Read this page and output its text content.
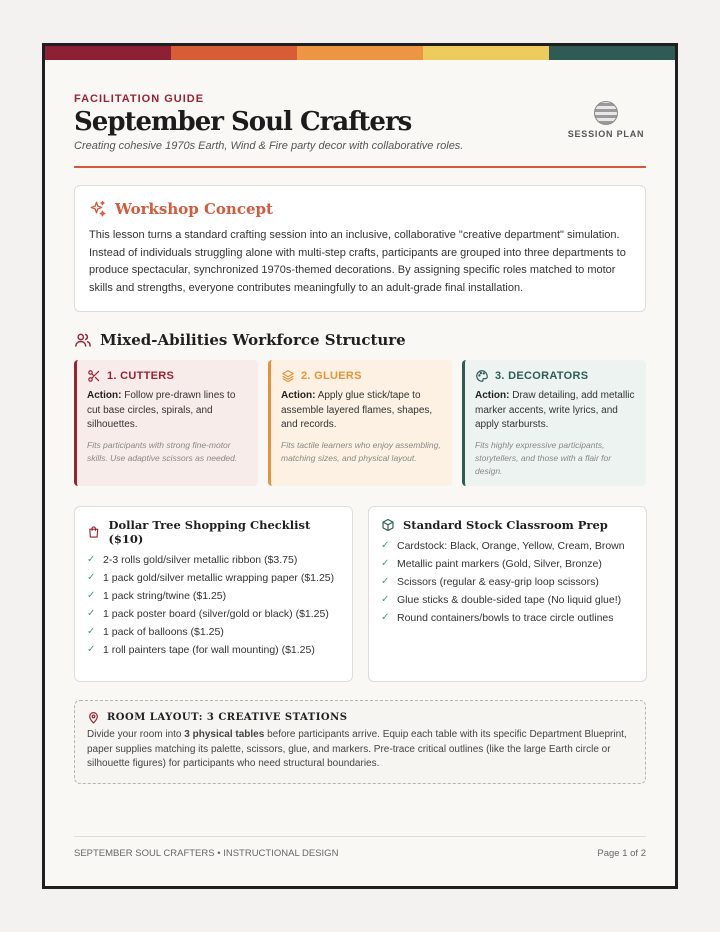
FACILITATION GUIDE
September Soul Crafters
Creating cohesive 1970s Earth, Wind & Fire party decor with collaborative roles.
SESSION PLAN
Workshop Concept

This lesson turns a standard crafting session into an inclusive, collaborative "creative department" simulation. Instead of individuals struggling alone with multi-step crafts, participants are grouped into three departments to produce spectacular, synchronized 1970s-themed decorations. By assigning specific roles matched to motor skills and strengths, everyone contributes meaningfully to an adult-grade final installation.

Mixed-Abilities Workforce Structure
1. CUTTERS
Action: Follow pre-drawn lines to cut base circles, spirals, and silhouettes.
Fits participants with strong fine-motor skills. Use adaptive scissors as needed.
2. GLUERS
Action: Apply glue stick/tape to assemble layered flames, shapes, and records.
Fits tactile learners who enjoy assembling, matching sizes, and physical layout.
3. DECORATORS
Action: Draw detailing, add metallic marker accents, write lyrics, and apply starbursts.
Fits highly expressive participants, storytellers, and those with a flair for design.
Dollar Tree Shopping Checklist ($10)
✓ 2-3 rolls gold/silver metallic ribbon ($3.75)
✓ 1 pack gold/silver metallic wrapping paper ($1.25)
✓ 1 pack string/twine ($1.25)
✓ 1 pack poster board (silver/gold or black) ($1.25)
✓ 1 pack of balloons ($1.25)
✓ 1 roll painters tape (for wall mounting) ($1.25)
Standard Stock Classroom Prep
✓ Cardstock: Black, Orange, Yellow, Cream, Brown
✓ Metallic paint markers (Gold, Silver, Bronze)
✓ Scissors (regular & easy-grip loop scissors)
✓ Glue sticks & double-sided tape (No liquid glue!)
✓ Round containers/bowls to trace circle outlines
ROOM LAYOUT: 3 CREATIVE STATIONS

Divide your room into 3 physical tables before participants arrive. Equip each table with its specific Department Blueprint, paper supplies matching its palette, scissors, glue, and markers. Pre-trace critical outlines (like the large Earth circle or silhouette figures) for participants who need structural boundaries.

SEPTEMBER SOUL CRAFTERS • INSTRUCTIONAL DESIGN	Page 1 of 2
